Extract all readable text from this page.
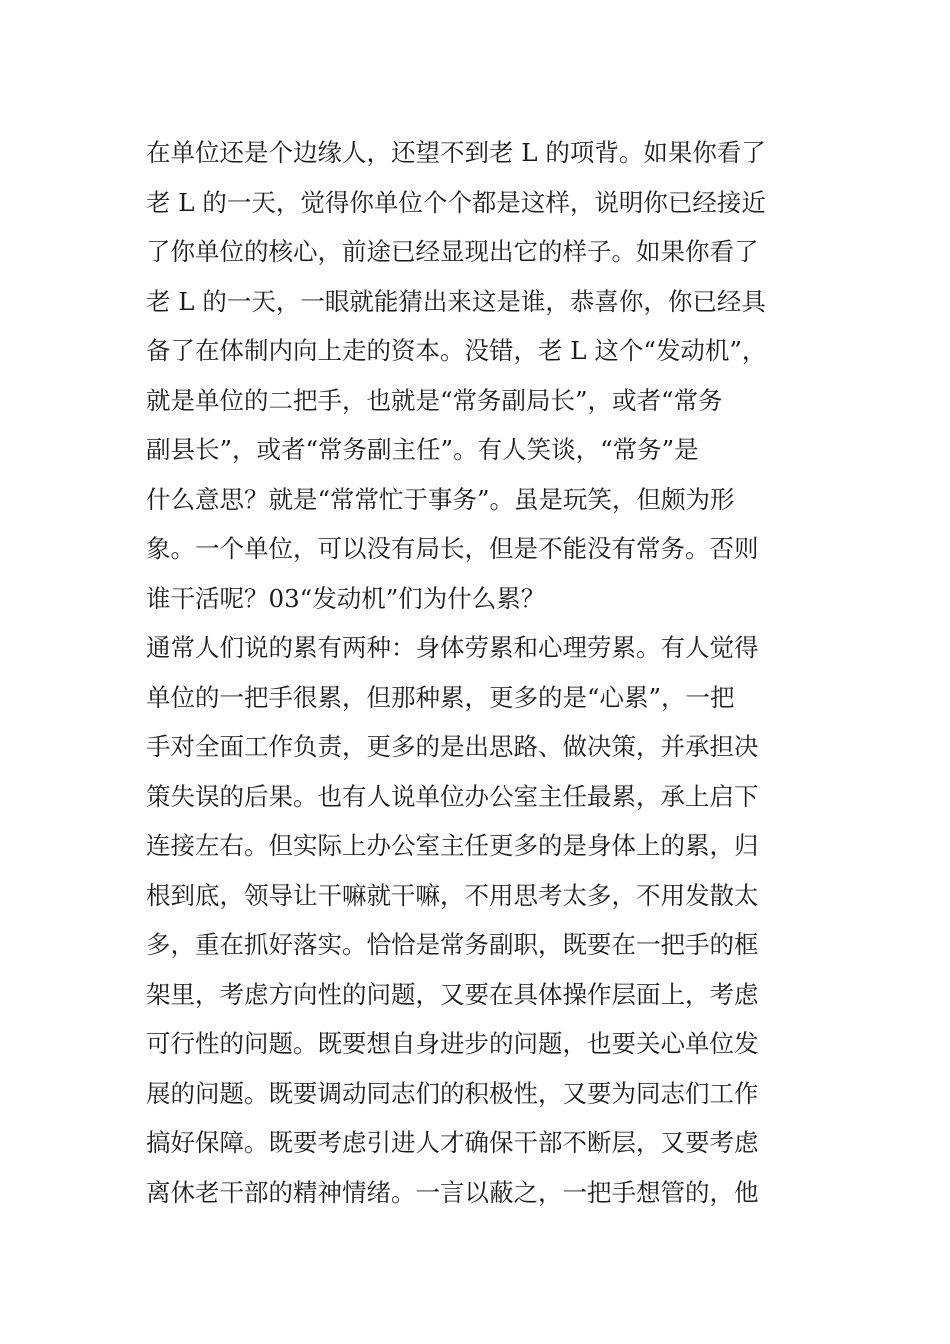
在单位还是个边缘人，还望不到老 L 的项背。如果你看了
老 L 的一天，觉得你单位个个都是这样，说明你已经接近
了你单位的核心，前途已经显现出它的样子。如果你看了
老 L 的一天，一眼就能猜出来这是谁，恭喜你，你已经具
备了在体制内向上走的资本。没错，老 L 这个“发动机”，
就是单位的二把手，也就是“常务副局长”，或者“常务
副县长”，或者“常务副主任”。有人笑谈，“常务”是
什么意思？就是“常常忙于事务”。虽是玩笑，但颇为形
象。一个单位，可以没有局长，但是不能没有常务。否则
谁干活呢？03“发动机”们为什么累？
通常人们说的累有两种：身体劳累和心理劳累。有人觉得
单位的一把手很累，但那种累，更多的是“心累”，一把
手对全面工作负责，更多的是出思路、做决策，并承担决
策失误的后果。也有人说单位办公室主任最累，承上启下
连接左右。但实际上办公室主任更多的是身体上的累，归
根到底，领导让干嘛就干嘛，不用思考太多，不用发散太
多，重在抓好落实。恰恰是常务副职，既要在一把手的框
架里，考虑方向性的问题，又要在具体操作层面上，考虑
可行性的问题。既要想自身进步的问题，也要关心单位发
展的问题。既要调动同志们的积极性，又要为同志们工作
搞好保障。既要考虑引进人才确保干部不断层，又要考虑
离休老干部的精神情绪。一言以蔽之，一把手想管的，他
